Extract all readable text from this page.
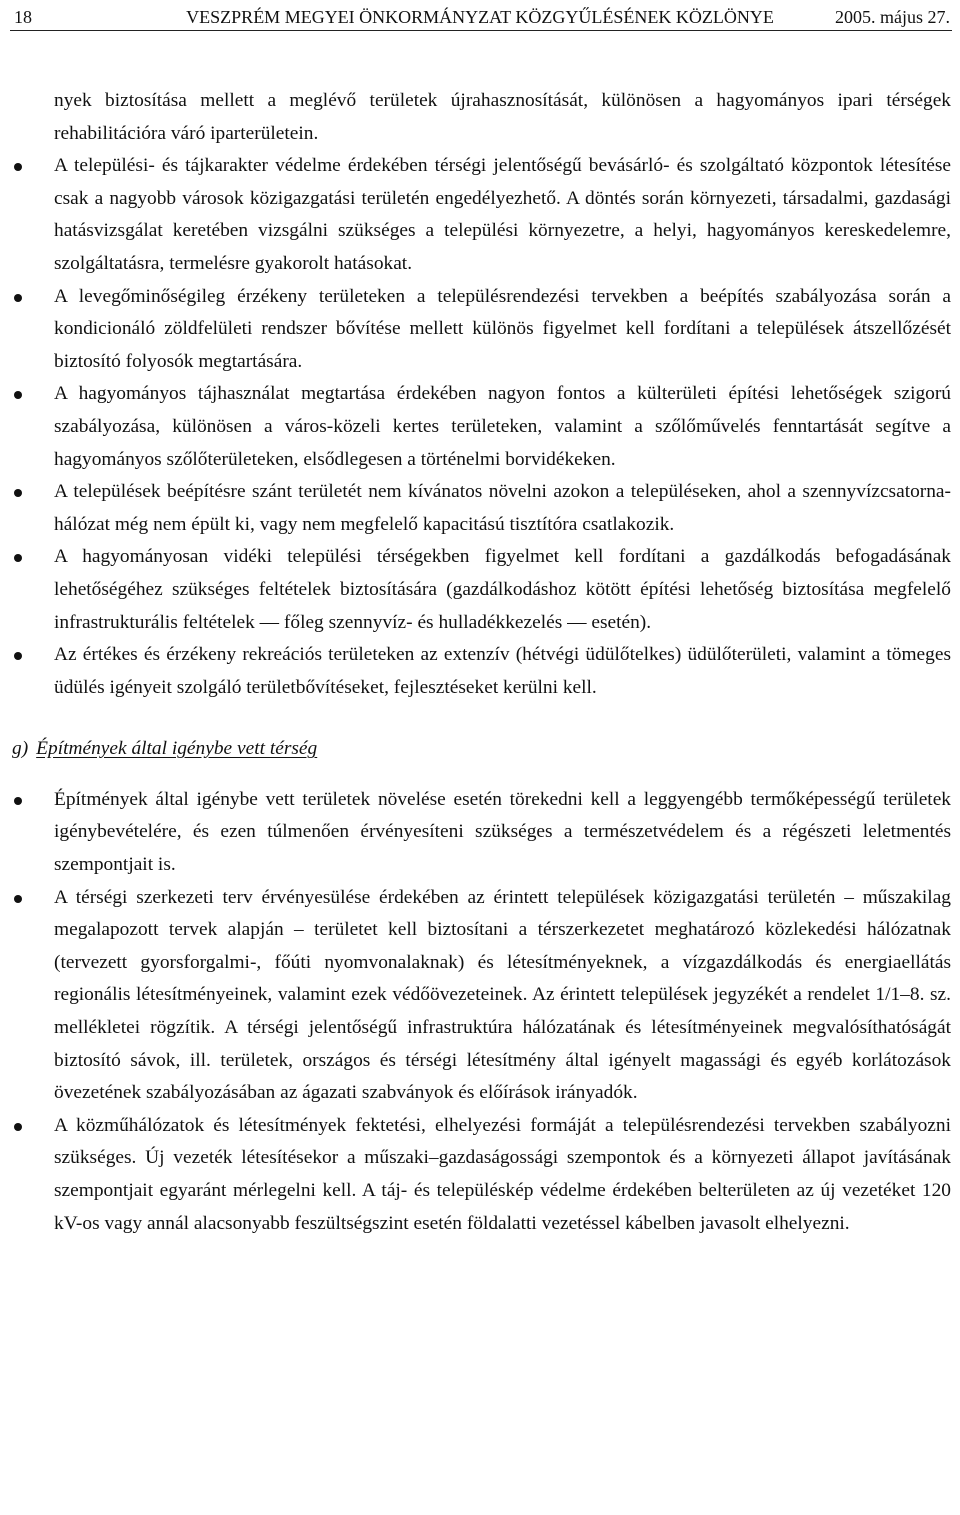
18	VESZPRÉM MEGYEI ÖNKORMÁNYZAT KÖZGYŰLÉSÉNEK KÖZLÖNYE	2005. május 27.

nyek biztosítása mellett a meglévő területek újrahasznosítását, különösen a hagyományos ipari térségek rehabilitációra váró iparterületein.

A települési- és tájkarakter védelme érdekében térségi jelentőségű bevásárló- és szolgáltató központok létesítése csak a nagyobb városok közigazgatási területén engedélyezhető. A döntés során környezeti, társadalmi, gazdasági hatásvizsgálat keretében vizsgálni szükséges a települési környezetre, a helyi, hagyományos kereskedelemre, szolgáltatásra, termelésre gyakorolt hatásokat.
A levegőminőségileg érzékeny területeken a településrendezési tervekben a beépítés szabályozása során a kondicionáló zöldfelületi rendszer bővítése mellett különös figyelmet kell fordítani a települések átszellőzését biztosító folyosók megtartására.
A hagyományos tájhasználat megtartása érdekében nagyon fontos a külterületi építési lehetőségek szigorú szabályozása, különösen a város-közeli kertes területeken, valamint a szőlőművelés fenntartását segítve a hagyományos szőlőterületeken, elsődlegesen a történelmi borvidékeken.
A települések beépítésre szánt területét nem kívánatos növelni azokon a településeken, ahol a szennyvízcsatorna-hálózat még nem épült ki, vagy nem megfelelő kapacitású tisztítóra csatlakozik.
A hagyományosan vidéki települési térségekben figyelmet kell fordítani a gazdálkodás befogadásának lehetőségéhez szükséges feltételek biztosítására (gazdálkodáshoz kötött építési lehetőség biztosítása megfelelő infrastrukturális feltételek — főleg szennyvíz- és hulladékkezelés — esetén).
Az értékes és érzékeny rekreációs területeken az extenzív (hétvégi üdülőtelkes) üdülőterületi, valamint a tömeges üdülés igényeit szolgáló területbővítéseket, fejlesztéseket kerülni kell.
g) Építmények által igénybe vett térség
Építmények által igénybe vett területek növelése esetén törekedni kell a leggyengébb termőképességű területek igénybevételére, és ezen túlmenően érvényesíteni szükséges a természetvédelem és a régészeti leletmentés szempontjait is.
A térségi szerkezeti terv érvényesülése érdekében az érintett települések közigazgatási területén – műszakilag megalapozott tervek alapján – területet kell biztosítani a térszerkezetet meghatározó közlekedési hálózatnak (tervezett gyorsforgalmi-, főúti nyomvonalaknak) és létesítményeknek, a vízgazdálkodás és energiaellátás regionális létesítményeinek, valamint ezek védőövezeteinek. Az érintett települések jegyzékét a rendelet 1/1–8. sz. mellékletei rögzítik. A térségi jelentőségű infrastruktúra hálózatának és létesítményeinek megvalósíthatóságát biztosító sávok, ill. területek, országos és térségi létesítmény által igényelt magassági és egyéb korlátozások övezetének szabályozásában az ágazati szabványok és előírások irányadók.
A közműhálózatok és létesítmények fektetési, elhelyezési formáját a településrendezési tervekben szabályozni szükséges. Új vezeték létesítésekor a műszaki–gazdaságossági szempontok és a környezeti állapot javításának szempontjait egyaránt mérlegelni kell. A táj- és településkép védelme érdekében belterületen az új vezetéket 120 kV-os vagy annál alacsonyabb feszültségszint esetén földalatti vezetéssel kábelben javasolt elhelyezni.
